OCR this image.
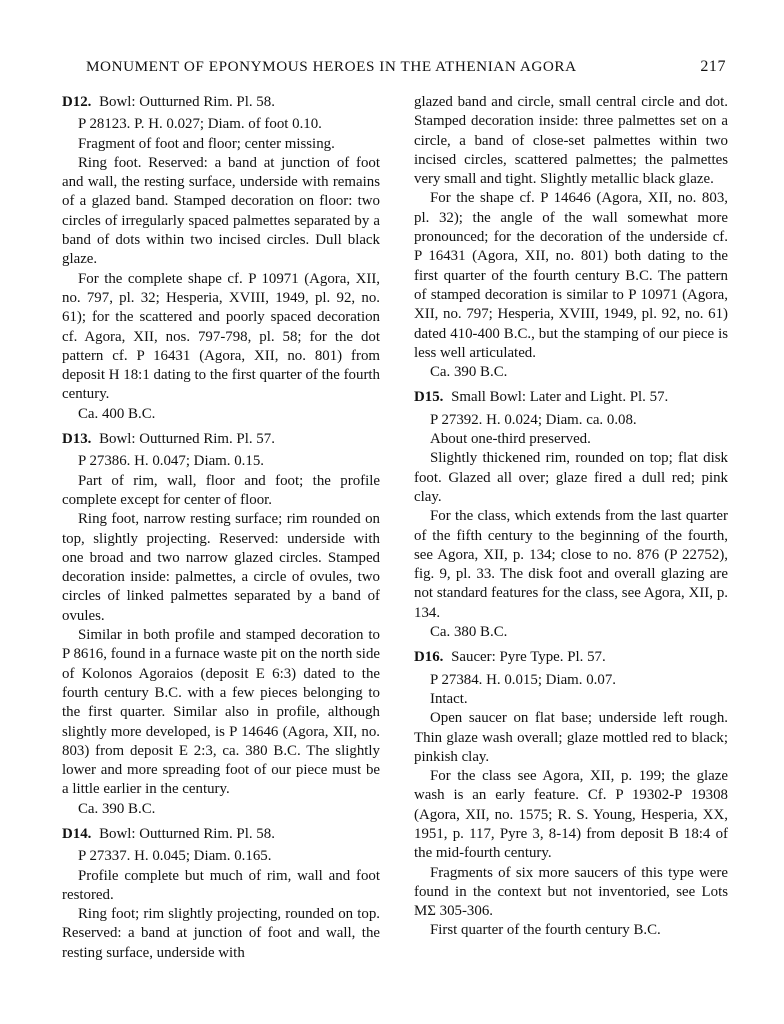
MONUMENT OF EPONYMOUS HEROES IN THE ATHENIAN AGORA	217

D12. Bowl: Outturned Rim. Pl. 58.

P 28123. P. H. 0.027; Diam. of foot 0.10.

Fragment of foot and floor; center missing.

Ring foot. Reserved: a band at junction of foot and wall, the resting surface, underside with remains of a glazed band. Stamped decoration on floor: two circles of irregularly spaced palmettes separated by a band of dots within two incised circles. Dull black glaze.

For the complete shape cf. P 10971 (Agora, XII, no. 797, pl. 32; Hesperia, XVIII, 1949, pl. 92, no. 61); for the scattered and poorly spaced decoration cf. Agora, XII, nos. 797-798, pl. 58; for the dot pattern cf. P 16431 (Agora, XII, no. 801) from deposit H 18:1 dating to the first quarter of the fourth century.

Ca. 400 B.C.

D13. Bowl: Outturned Rim. Pl. 57.

P 27386. H. 0.047; Diam. 0.15.

Part of rim, wall, floor and foot; the profile complete except for center of floor.

Ring foot, narrow resting surface; rim rounded on top, slightly projecting. Reserved: underside with one broad and two narrow glazed circles. Stamped decoration inside: palmettes, a circle of ovules, two circles of linked palmettes separated by a band of ovules.

Similar in both profile and stamped decoration to P 8616, found in a furnace waste pit on the north side of Kolonos Agoraios (deposit E 6:3) dated to the fourth century B.C. with a few pieces belonging to the first quarter. Similar also in profile, although slightly more developed, is P 14646 (Agora, XII, no. 803) from deposit E 2:3, ca. 380 B.C. The slightly lower and more spreading foot of our piece must be a little earlier in the century.

Ca. 390 B.C.

D14. Bowl: Outturned Rim. Pl. 58.

P 27337. H. 0.045; Diam. 0.165.

Profile complete but much of rim, wall and foot restored.

Ring foot; rim slightly projecting, rounded on top. Reserved: a band at junction of foot and wall, the resting surface, underside with

glazed band and circle, small central circle and dot. Stamped decoration inside: three palmettes set on a circle, a band of close-set palmettes within two incised circles, scattered palmettes; the palmettes very small and tight. Slightly metallic black glaze.

For the shape cf. P 14646 (Agora, XII, no. 803, pl. 32); the angle of the wall somewhat more pronounced; for the decoration of the underside cf. P 16431 (Agora, XII, no. 801) both dating to the first quarter of the fourth century B.C. The pattern of stamped decoration is similar to P 10971 (Agora, XII, no. 797; Hesperia, XVIII, 1949, pl. 92, no. 61) dated 410-400 B.C., but the stamping of our piece is less well articulated.

Ca. 390 B.C.

D15. Small Bowl: Later and Light. Pl. 57.

P 27392. H. 0.024; Diam. ca. 0.08.

About one-third preserved.

Slightly thickened rim, rounded on top; flat disk foot. Glazed all over; glaze fired a dull red; pink clay.

For the class, which extends from the last quarter of the fifth century to the beginning of the fourth, see Agora, XII, p. 134; close to no. 876 (P 22752), fig. 9, pl. 33. The disk foot and overall glazing are not standard features for the class, see Agora, XII, p. 134.

Ca. 380 B.C.

D16. Saucer: Pyre Type. Pl. 57.

P 27384. H. 0.015; Diam. 0.07.

Intact.

Open saucer on flat base; underside left rough. Thin glaze wash overall; glaze mottled red to black; pinkish clay.

For the class see Agora, XII, p. 199; the glaze wash is an early feature. Cf. P 19302-P 19308 (Agora, XII, no. 1575; R. S. Young, Hesperia, XX, 1951, p. 117, Pyre 3, 8-14) from deposit B 18:4 of the mid-fourth century.

Fragments of six more saucers of this type were found in the context but not inventoried, see Lots ΜΣ 305-306.

First quarter of the fourth century B.C.
